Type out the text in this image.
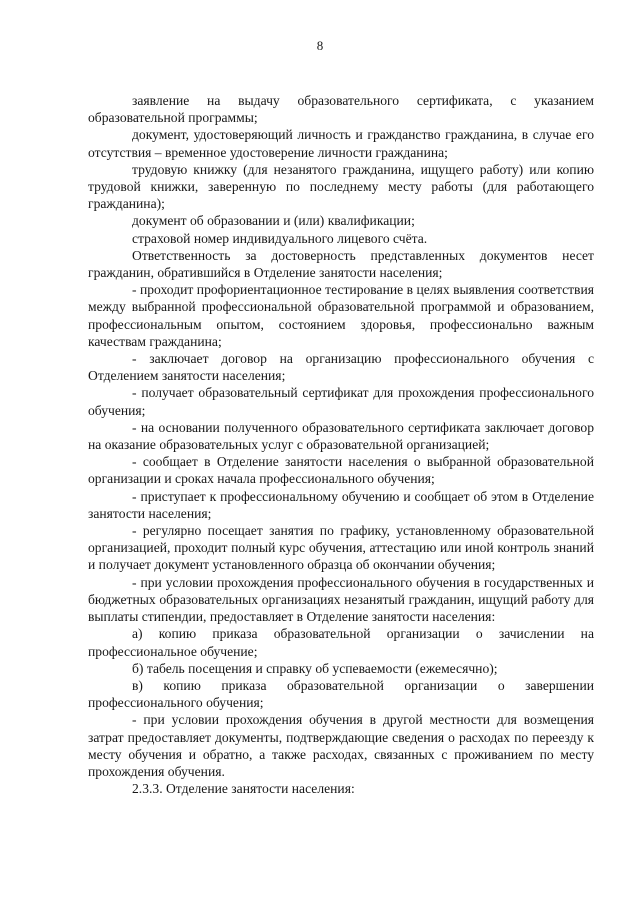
8

заявление на выдачу образовательного сертификата, с указанием образовательной программы;

документ, удостоверяющий личность и гражданство гражданина, в случае его отсутствия – временное удостоверение личности гражданина;

трудовую книжку (для незанятого гражданина, ищущего работу) или копию трудовой книжки, заверенную по последнему месту работы (для работающего гражданина);

документ об образовании и (или) квалификации;

страховой номер индивидуального лицевого счёта.

Ответственность за достоверность представленных документов несет гражданин, обратившийся в Отделение занятости населения;

- проходит профориентационное тестирование в целях выявления соответствия между выбранной профессиональной образовательной программой и образованием, профессиональным опытом, состоянием здоровья, профессионально важным качествам гражданина;

- заключает договор на организацию профессионального обучения с Отделением занятости населения;

- получает образовательный сертификат для прохождения профессионального обучения;

- на основании полученного образовательного сертификата заключает договор на оказание образовательных услуг с образовательной организацией;

- сообщает в Отделение занятости населения о выбранной образовательной организации и сроках начала профессионального обучения;

- приступает к профессиональному обучению и сообщает об этом в Отделение занятости населения;

- регулярно посещает занятия по графику, установленному образовательной организацией, проходит полный курс обучения, аттестацию или иной контроль знаний и получает документ установленного образца об окончании обучения;

- при условии прохождения профессионального обучения в государственных и бюджетных образовательных организациях незанятый гражданин, ищущий работу для выплаты стипендии, предоставляет в Отделение занятости населения:

а) копию приказа образовательной организации о зачислении на профессиональное обучение;

б) табель посещения и справку об успеваемости (ежемесячно);

в) копию приказа образовательной организации о завершении профессионального обучения;

- при условии прохождения обучения в другой местности для возмещения затрат предоставляет документы, подтверждающие сведения о расходах по переезду к месту обучения и обратно, а также расходах, связанных с проживанием по месту прохождения обучения.

2.3.3. Отделение занятости населения:
